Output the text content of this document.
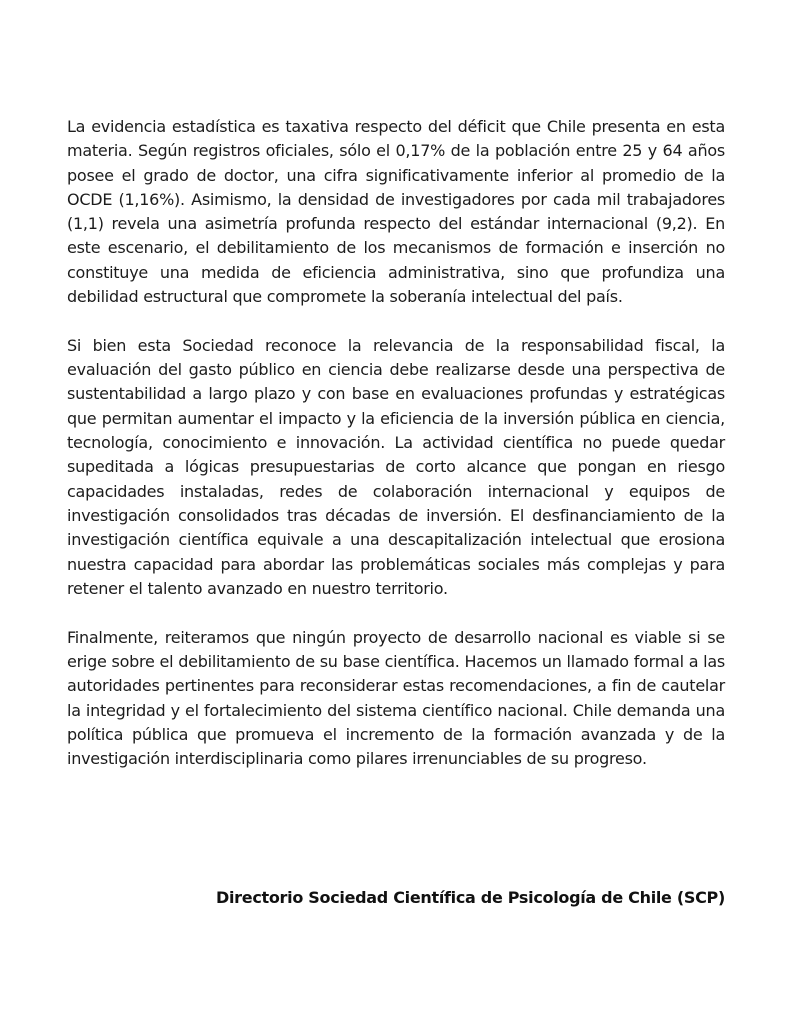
La evidencia estadística es taxativa respecto del déficit que Chile presenta en esta materia. Según registros oficiales, sólo el 0,17% de la población entre 25 y 64 años posee el grado de doctor, una cifra significativamente inferior al promedio de la OCDE (1,16%). Asimismo, la densidad de investigadores por cada mil trabajadores (1,1) revela una asimetría profunda respecto del estándar internacional (9,2). En este escenario, el debilitamiento de los mecanismos de formación e inserción no constituye una medida de eficiencia administrativa, sino que profundiza una debilidad estructural que compromete la soberanía intelectual del país.

Si bien esta Sociedad reconoce la relevancia de la responsabilidad fiscal, la evaluación del gasto público en ciencia debe realizarse desde una perspectiva de sustentabilidad a largo plazo y con base en evaluaciones profundas y estratégicas que permitan aumentar el impacto y la eficiencia de la inversión pública en ciencia, tecnología, conocimiento e innovación. La actividad científica no puede quedar supeditada a lógicas presupuestarias de corto alcance que pongan en riesgo capacidades instaladas, redes de colaboración internacional y equipos de investigación consolidados tras décadas de inversión. El desfinanciamiento de la investigación científica equivale a una descapitalización intelectual que erosiona nuestra capacidad para abordar las problemáticas sociales más complejas y para retener el talento avanzado en nuestro territorio.

Finalmente, reiteramos que ningún proyecto de desarrollo nacional es viable si se erige sobre el debilitamiento de su base científica. Hacemos un llamado formal a las autoridades pertinentes para reconsiderar estas recomendaciones, a fin de cautelar la integridad y el fortalecimiento del sistema científico nacional. Chile demanda una política pública que promueva el incremento de la formación avanzada y de la investigación interdisciplinaria como pilares irrenunciables de su progreso.

Directorio Sociedad Científica de Psicología de Chile (SCP)
